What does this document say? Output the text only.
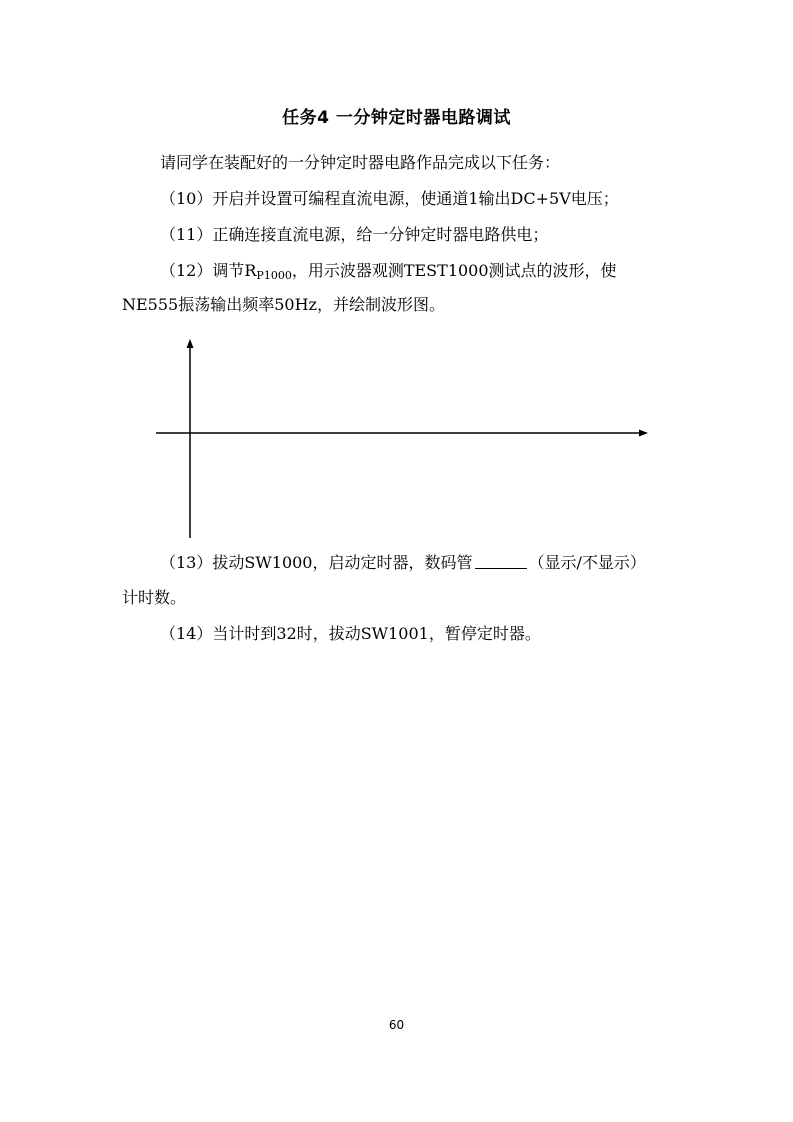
任务4 一分钟定时器电路调试
请同学在装配好的一分钟定时器电路作品完成以下任务：
（10）开启并设置可编程直流电源，使通道1输出DC+5V电压；
（11）正确连接直流电源，给一分钟定时器电路供电；
（12）调节$R_{P1000}$，用示波器观测TEST1000测试点的波形，使
NE555振荡输出频率50Hz，并绘制波形图。
（13）拔动SW1000，启动定时器，数码管	（显示/不显示）
计时数。
（14）当计时到32时，拔动SW1001，暂停定时器。
60
